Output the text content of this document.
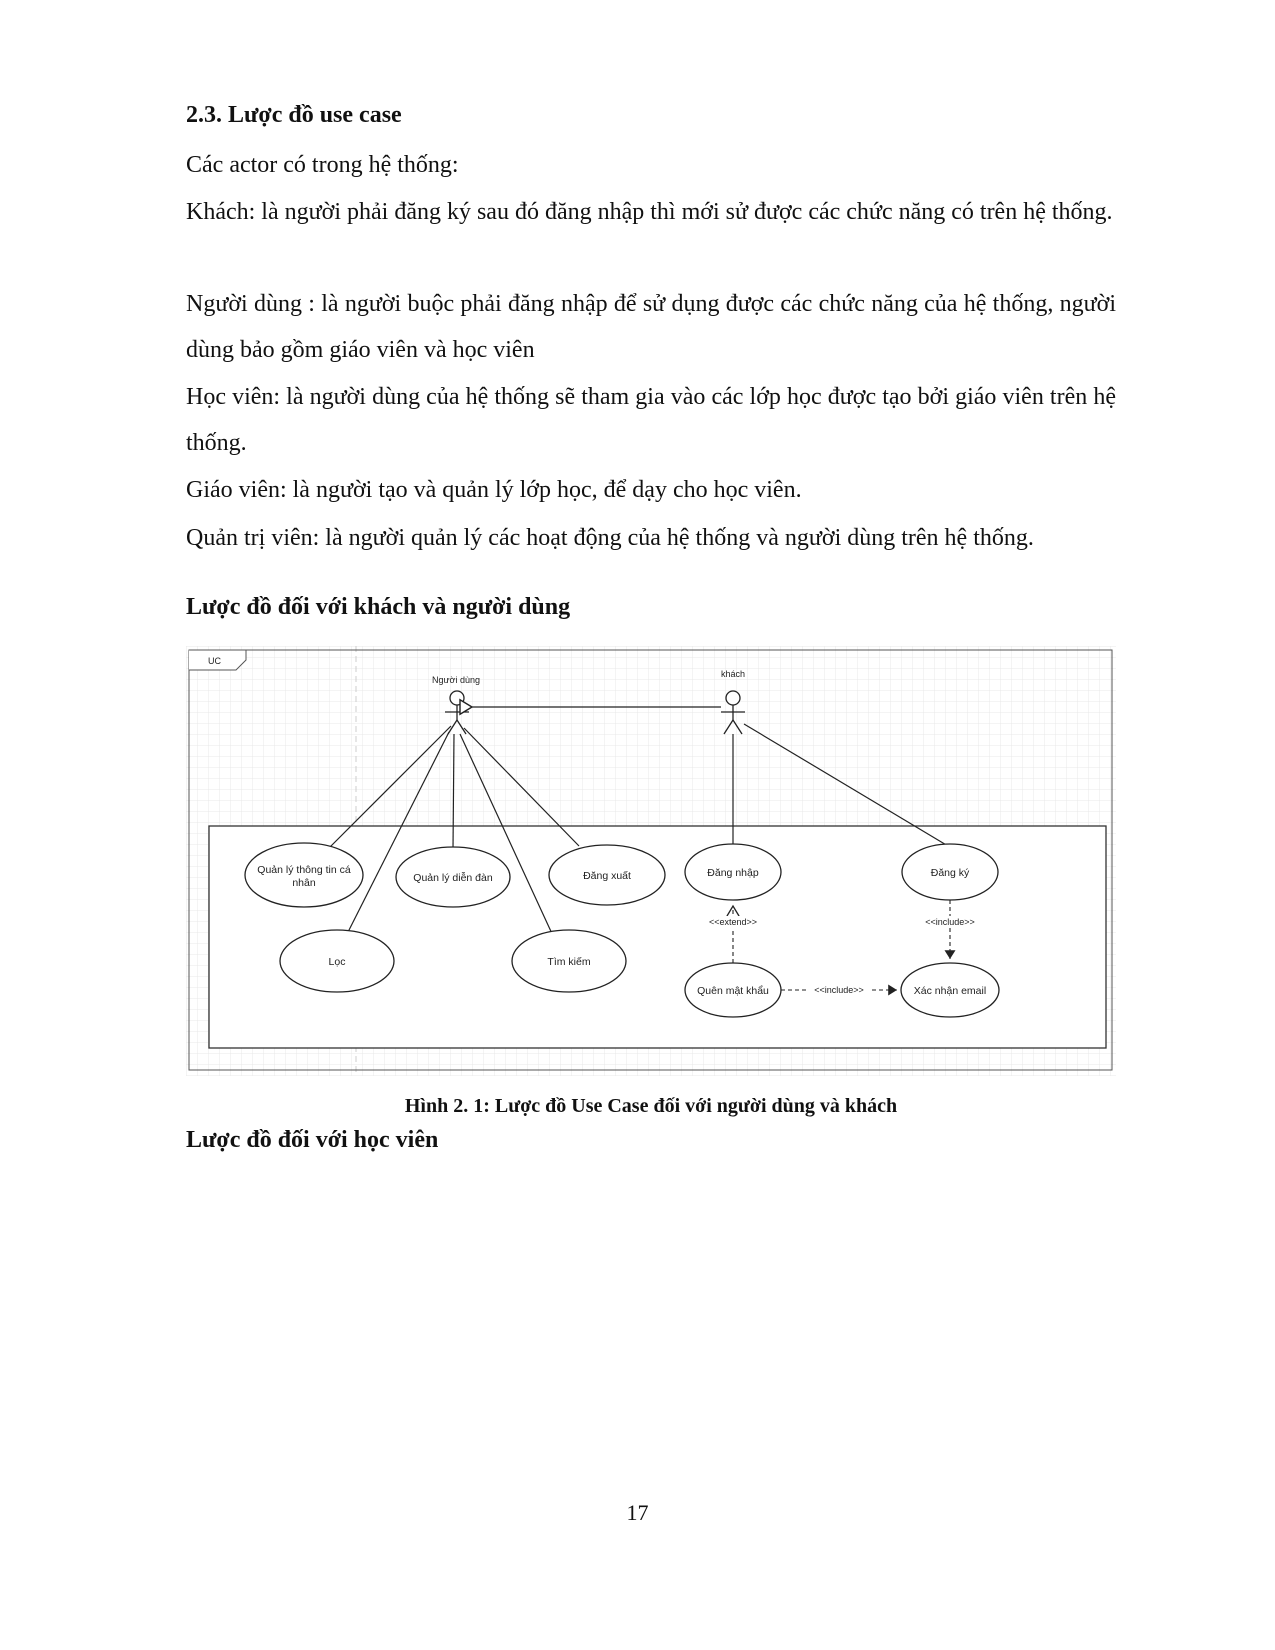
2.3. Lược đồ use case

Các actor có trong hệ thống:

Khách: là người phải đăng ký sau đó đăng nhập thì mới sử được các chức năng có trên hệ thống.

Người dùng : là người buộc phải đăng nhập để sử dụng được các chức năng của hệ thống, người dùng bảo gồm giáo viên và học viên

Học viên: là người dùng của hệ thống sẽ tham gia vào các lớp học được tạo bởi giáo viên trên hệ thống.

Giáo viên: là người tạo và quản lý lớp học, để dạy cho học viên.

Quản trị viên: là người quản lý các hoạt động của hệ thống và người dùng trên hệ thống.

Lược đồ đối với khách và người dùng
UC
Người dùng
khách
Quản lý thông tin cá
nhân	Quản lý diễn đàn	Đăng xuất	Đăng nhập	Đăng ký
Lọc	Tìm kiếm
Quên mật khẩu	Xác nhận email
<<extend>>	<<include>>
<<include>>

Hình 2. 1: Lược đồ Use Case đối với người dùng và khách

Lược đồ đối với học viên

17
